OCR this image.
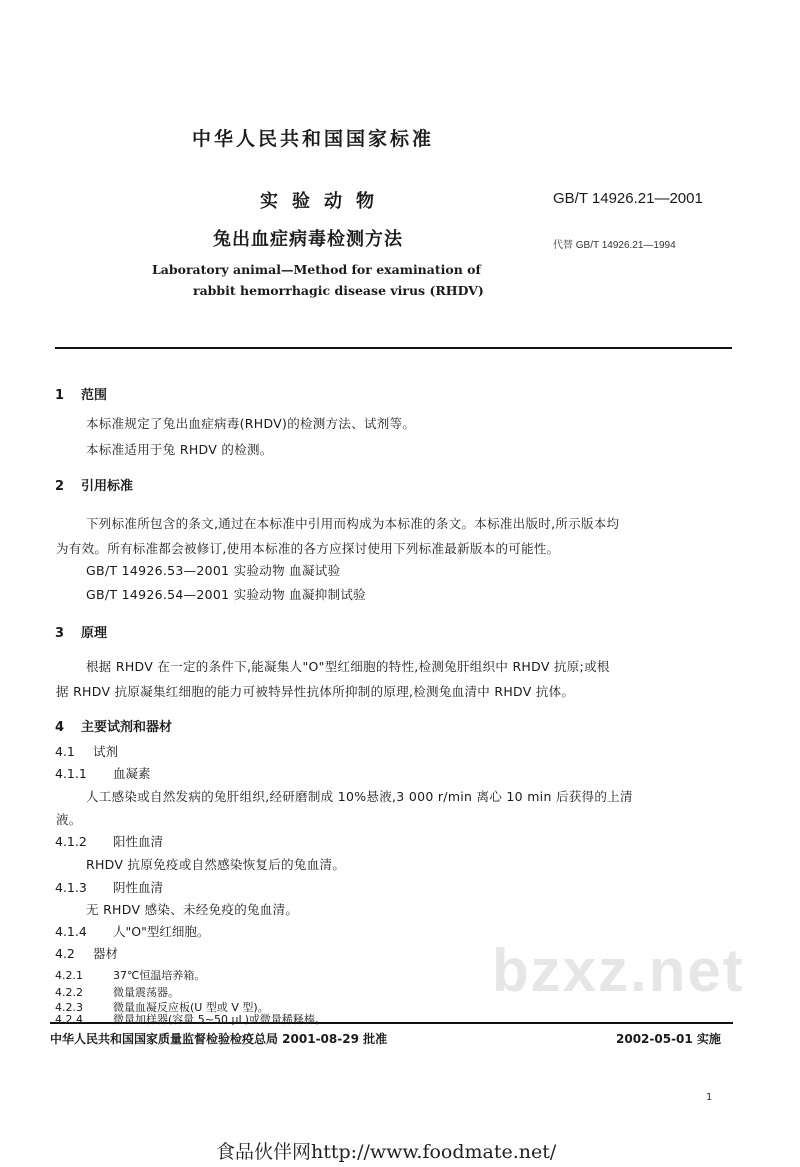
bzxz.net
中华人民共和国国家标准
实验动物
兔出血症病毒检测方法
GB/T 14926.21—2001
代替 GB/T 14926.21—1994
Laboratory animal—Method for examination of
rabbit hemorrhagic disease virus (RHDV)
1 范围
本标准规定了兔出血症病毒(RHDV)的检测方法、试剂等。
本标准适用于兔 RHDV 的检测。
2 引用标准
下列标准所包含的条文,通过在本标准中引用而构成为本标准的条文。本标准出版时,所示版本均
为有效。所有标准都会被修订,使用本标准的各方应探讨使用下列标准最新版本的可能性。
GB/T 14926.53—2001 实验动物 血凝试验
GB/T 14926.54—2001 实验动物 血凝抑制试验
3 原理
根据 RHDV 在一定的条件下,能凝集人"O"型红细胞的特性,检测兔肝组织中 RHDV 抗原;或根
据 RHDV 抗原凝集红细胞的能力可被特异性抗体所抑制的原理,检测兔血清中 RHDV 抗体。
4 主要试剂和器材
4.1 试剂
4.1.1 血凝素
人工感染或自然发病的兔肝组织,经研磨制成 10%悬液,3 000 r/min 离心 10 min 后获得的上清
液。
4.1.2 阳性血清
RHDV 抗原免疫或自然感染恢复后的兔血清。
4.1.3 阴性血清
无 RHDV 感染、未经免疫的兔血清。
4.1.4 人"O"型红细胞。
4.2 器材
4.2.1	37℃恒温培养箱。
中华人民共和国国家质量监督检验检疫总局 2001-08-29 批准	2002-05-01 实施
1
食品伙伴网http://www.foodmate.net/
4.2.2	微量震荡器。
4.2.3	微量血凝反应板(U 型或 V 型)。
4.2.4	微量加样器(容量 5~50 μL)或微量稀释棒。
